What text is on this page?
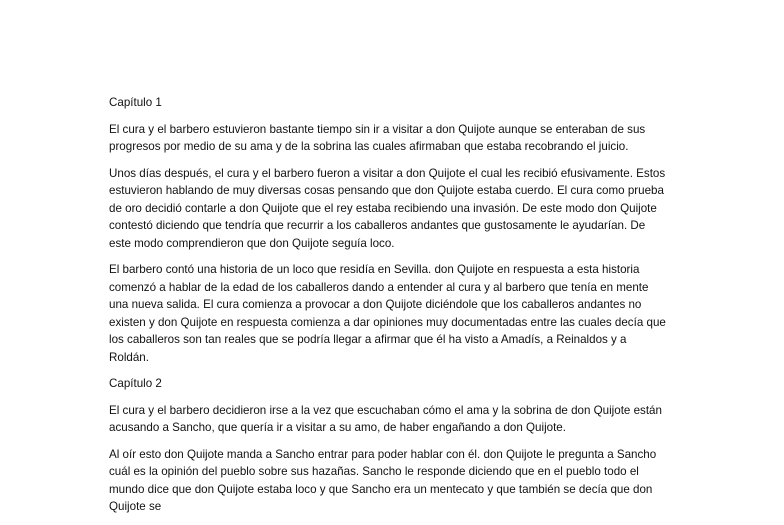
Capítulo 1

El cura y el barbero estuvieron bastante tiempo sin ir a visitar a don Quijote aunque se enteraban de sus progresos por medio de su ama y de la sobrina las cuales afirmaban que estaba recobrando el juicio.

Unos días después, el cura y el barbero fueron a visitar a don Quijote el cual les recibió efusivamente. Estos estuvieron hablando de muy diversas cosas pensando que don Quijote estaba cuerdo. El cura como prueba de oro decidió contarle a don Quijote que el rey estaba recibiendo una invasión. De este modo don Quijote contestó diciendo que tendría que recurrir a los caballeros andantes que gustosamente le ayudarían. De este modo comprendieron que don Quijote seguía loco.

El barbero contó una historia de un loco que residía en Sevilla. don Quijote en respuesta a esta historia comenzó a hablar de la edad de los caballeros dando a entender al cura y al barbero que tenía en mente una nueva salida. El cura comienza a provocar a don Quijote diciéndole que los caballeros andantes no existen y don Quijote en respuesta comienza a dar opiniones muy documentadas entre las cuales decía que los caballeros son tan reales que se podría llegar a afirmar que él ha visto a Amadís, a Reinaldos y a Roldán.

Capítulo 2

El cura y el barbero decidieron irse a la vez que escuchaban cómo el ama y la sobrina de don Quijote están acusando a Sancho, que quería ir a visitar a su amo, de haber engañando a don Quijote.

Al oír esto don Quijote manda a Sancho entrar para poder hablar con él. don Quijote le pregunta a Sancho cuál es la opinión del pueblo sobre sus hazañas. Sancho le responde diciendo que en el pueblo todo el mundo dice que don Quijote estaba loco y que Sancho era un mentecato y que también se decía que don Quijote se
